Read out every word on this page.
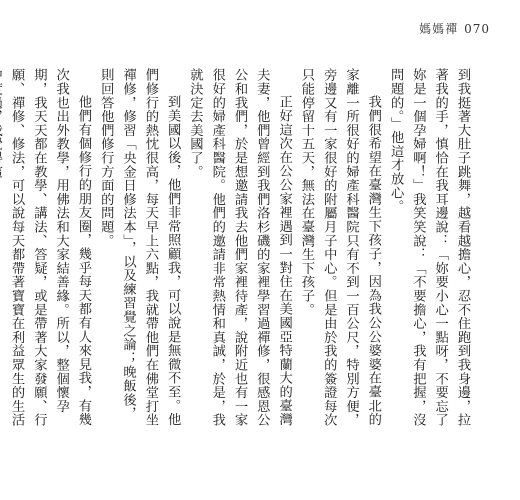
媽媽禪 070

到我挺著大肚子跳舞，越看越擔心，忍不住跑到我身邊，拉著我的手，慎恰在我耳邊說：「妳要小心一點呀，不要忘了妳是一個孕婦啊！」我笑笑說：「不要擔心，我有把握，沒問題的。」他這才放心。

我們很希望在臺灣生下孩子，因為我公公婆婆在臺北的家離一所很好的婦產科醫院只有不到一百公尺，特別方便，旁邊又有一家很好的附屬月子中心。但是由於我的簽證每次只能停留十五天，無法在臺灣生下孩子。

正好這次在公公家裡遇到一對住在美國亞特蘭大的臺灣夫妻，他們曾經到我們洛杉磯的家裡學習過禪修，很感恩公公和我們，於是想邀請我去他們家裡待產，說附近也有一家很好的婦產科醫院。他們的邀請非常熱情和真誠，於是，我就決定去美國了。

到美國以後，他們非常照顧我，可以說是無微不至。他們修行的熱忱很高，每天早上六點，我就帶他們在佛堂打坐禪修，修習「央金日修法本」，以及練習覺之論；晚飯後，則回答他們修行方面的問題。

他們有個修行的朋友圈，幾乎每天都有人來見我，有幾次我也出外教學，用佛法和大家結善緣。所以，整個懷孕期，我天天都在教學、講法、答疑，或是帶著大家發願、行願、禪修、修法，可以說每天都帶著寶寶在利益眾生的生活
